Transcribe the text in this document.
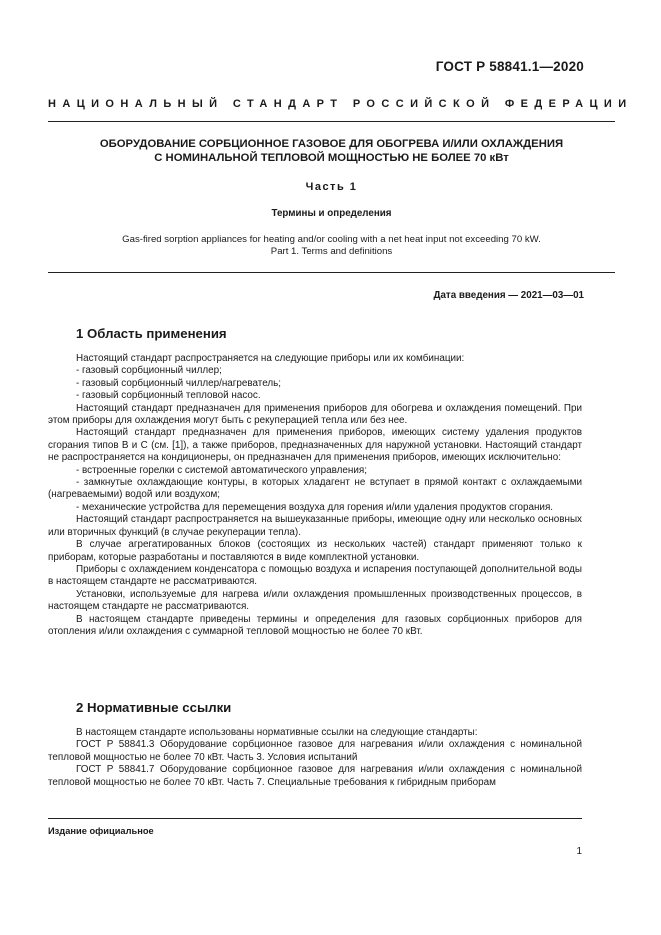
ГОСТ Р 58841.1—2020
НАЦИОНАЛЬНЫЙ СТАНДАРТ РОССИЙСКОЙ ФЕДЕРАЦИИ
ОБОРУДОВАНИЕ СОРБЦИОННОЕ ГАЗОВОЕ ДЛЯ ОБОГРЕВА И/ИЛИ ОХЛАЖДЕНИЯ
С НОМИНАЛЬНОЙ ТЕПЛОВОЙ МОЩНОСТЬЮ НЕ БОЛЕЕ 70 кВт
Часть 1
Термины и определения
Gas-fired sorption appliances for heating and/or cooling with a net heat input not exceeding 70 kW.
Part 1. Terms and definitions
Дата введения — 2021—03—01
1 Область применения

Настоящий стандарт распространяется на следующие приборы или их комбинации:

- газовый сорбционный чиллер;

- газовый сорбционный чиллер/нагреватель;

- газовый сорбционный тепловой насос.

Настоящий стандарт предназначен для применения приборов для обогрева и охлаждения помещений. При этом приборы для охлаждения могут быть с рекуперацией тепла или без нее.

Настоящий стандарт предназначен для применения приборов, имеющих систему удаления продуктов сгорания типов В и С (см. [1]), а также приборов, предназначенных для наружной установки. Настоящий стандарт не распространяется на кондиционеры, он предназначен для применения приборов, имеющих исключительно:

- встроенные горелки с системой автоматического управления;

- замкнутые охлаждающие контуры, в которых хладагент не вступает в прямой контакт с охлаждаемыми (нагреваемыми) водой или воздухом;

- механические устройства для перемещения воздуха для горения и/или удаления продуктов сгорания.

Настоящий стандарт распространяется на вышеуказанные приборы, имеющие одну или несколько основных или вторичных функций (в случае рекуперации тепла).

В случае агрегатированных блоков (состоящих из нескольких частей) стандарт применяют только к приборам, которые разработаны и поставляются в виде комплектной установки.

Приборы с охлаждением конденсатора с помощью воздуха и испарения поступающей дополнительной воды в настоящем стандарте не рассматриваются.

Установки, используемые для нагрева и/или охлаждения промышленных производственных процессов, в настоящем стандарте не рассматриваются.

В настоящем стандарте приведены термины и определения для газовых сорбционных приборов для отопления и/или охлаждения с суммарной тепловой мощностью не более 70 кВт.

2 Нормативные ссылки

В настоящем стандарте использованы нормативные ссылки на следующие стандарты:

ГОСТ Р 58841.3 Оборудование сорбционное газовое для нагревания и/или охлаждения с номинальной тепловой мощностью не более 70 кВт. Часть 3. Условия испытаний

ГОСТ Р 58841.7 Оборудование сорбционное газовое для нагревания и/или охлаждения с номинальной тепловой мощностью не более 70 кВт. Часть 7. Специальные требования к гибридным приборам

Издание официальное
1
